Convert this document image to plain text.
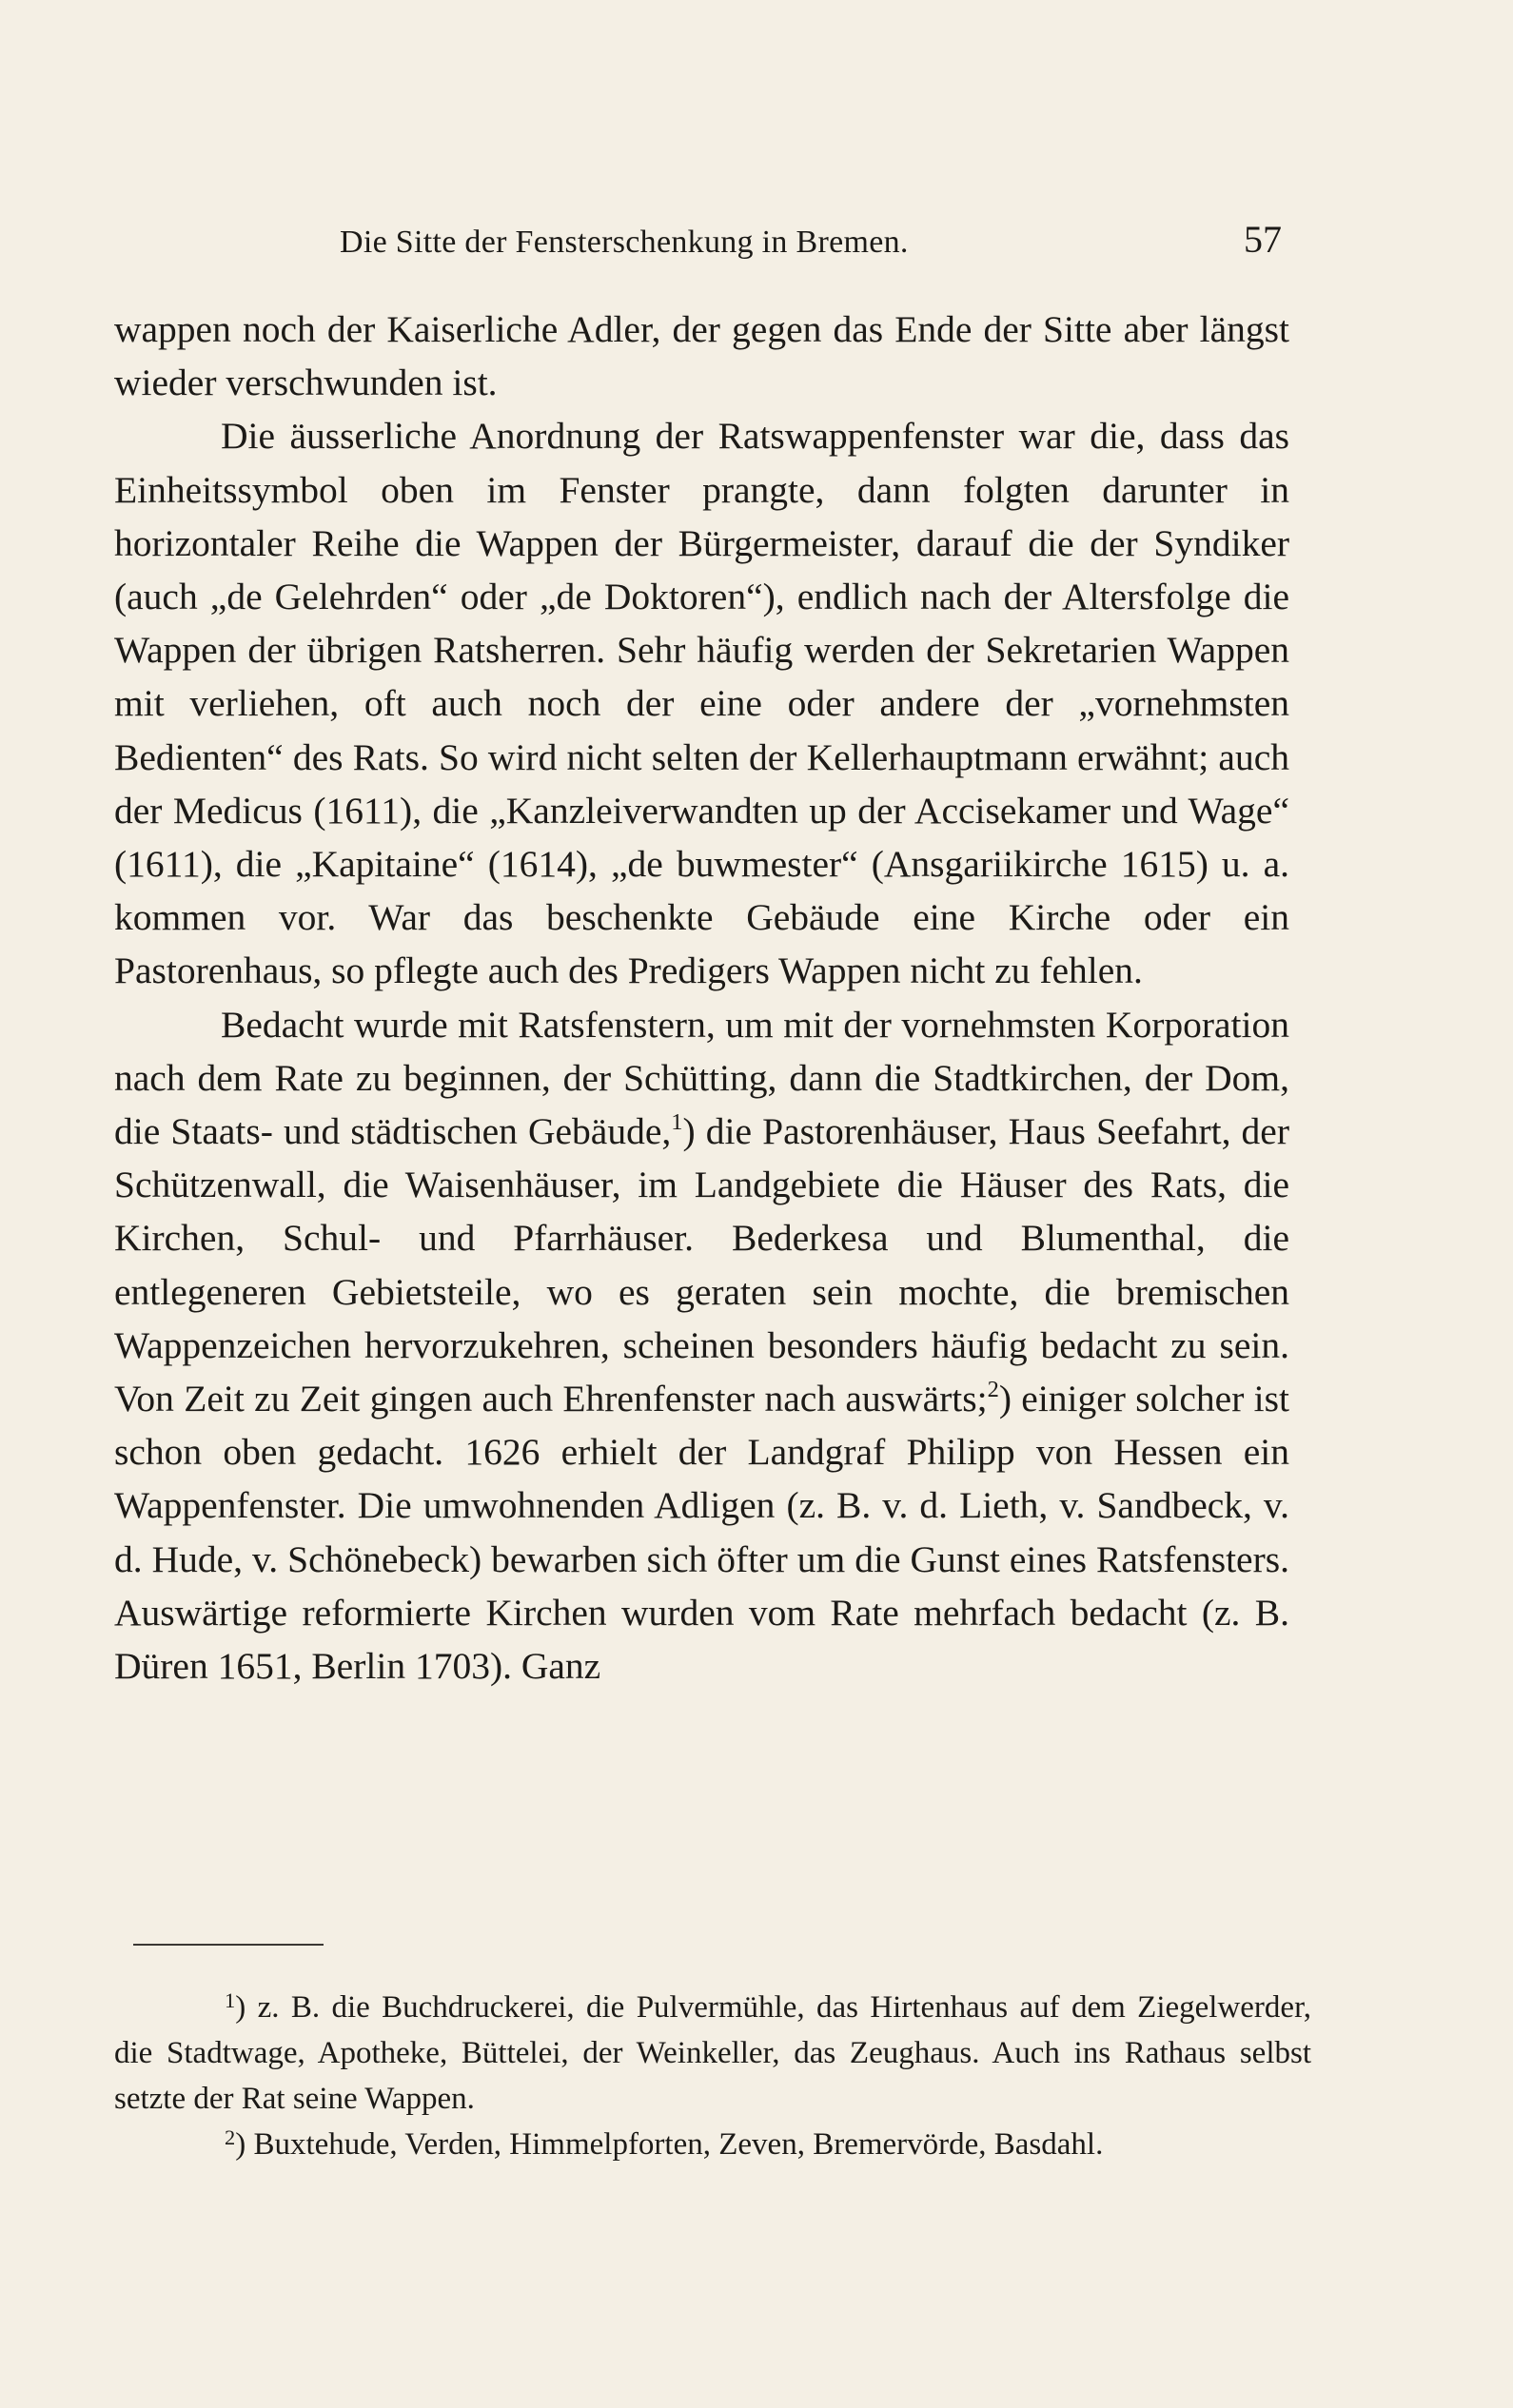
Die Sitte der Fensterschenkung in Bremen.	57

wappen noch der Kaiserliche Adler, der gegen das Ende der Sitte aber längst wieder verschwunden ist.

Die äusserliche Anordnung der Ratswappenfenster war die, dass das Einheitssymbol oben im Fenster prangte, dann folgten darunter in horizontaler Reihe die Wappen der Bürgermeister, darauf die der Syndiker (auch „de Gelehrden“ oder „de Doktoren“), endlich nach der Altersfolge die Wappen der übrigen Ratsherren. Sehr häufig werden der Sekretarien Wappen mit verliehen, oft auch noch der eine oder andere der „vornehmsten Bedienten“ des Rats. So wird nicht selten der Kellerhauptmann erwähnt; auch der Medicus (1611), die „Kanzleiverwandten up der Accisekamer und Wage“ (1611), die „Kapitaine“ (1614), „de buwmester“ (Ansgariikirche 1615) u. a. kommen vor. War das beschenkte Gebäude eine Kirche oder ein Pastorenhaus, so pflegte auch des Predigers Wappen nicht zu fehlen.

Bedacht wurde mit Ratsfenstern, um mit der vornehmsten Korporation nach dem Rate zu beginnen, der Schütting, dann die Stadtkirchen, der Dom, die Staats- und städtischen Gebäude,$^1$) die Pastorenhäuser, Haus Seefahrt, der Schützenwall, die Waisenhäuser, im Landgebiete die Häuser des Rats, die Kirchen, Schul- und Pfarrhäuser. Bederkesa und Blumenthal, die entlegeneren Gebietsteile, wo es geraten sein mochte, die bremischen Wappenzeichen hervorzukehren, scheinen besonders häufig bedacht zu sein. Von Zeit zu Zeit gingen auch Ehrenfenster nach auswärts;$^2$) einiger solcher ist schon oben gedacht. 1626 erhielt der Landgraf Philipp von Hessen ein Wappenfenster. Die umwohnenden Adligen (z. B. v. d. Lieth, v. Sandbeck, v. d. Hude, v. Schönebeck) bewarben sich öfter um die Gunst eines Ratsfensters. Auswärtige reformierte Kirchen wurden vom Rate mehrfach bedacht (z. B. Düren 1651, Berlin 1703). Ganz

$^1$) z. B. die Buchdruckerei, die Pulvermühle, das Hirtenhaus auf dem Ziegelwerder, die Stadtwage, Apotheke, Büttelei, der Weinkeller, das Zeughaus. Auch ins Rathaus selbst setzte der Rat seine Wappen.

$^2$) Buxtehude, Verden, Himmelpforten, Zeven, Bremervörde, Basdahl.
